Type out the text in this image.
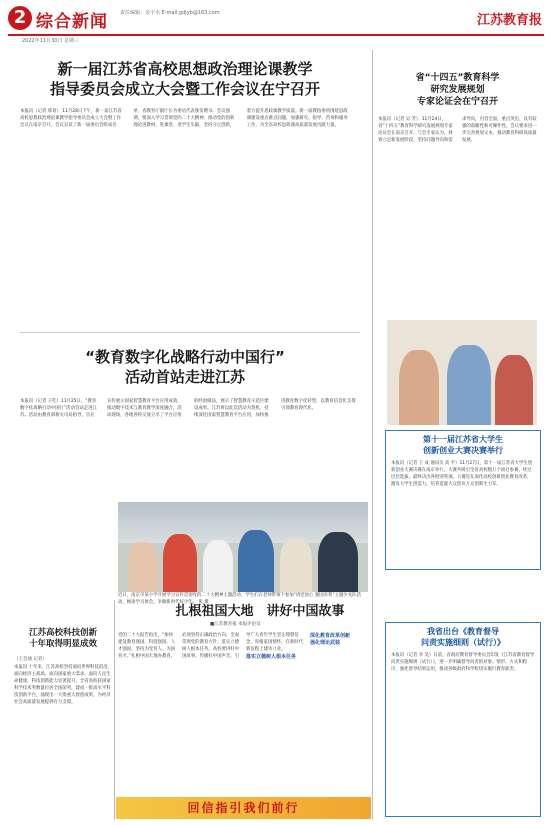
2 综合新闻 责任编辑：金字水 E-mail:gdjyb@163.com	江苏教育报
2022年11月30日 星期三
新一届江苏省高校思想政治理论课教学
指导委员会成立大会暨工作会议在宁召开
本报讯（记者 邢易） 11月28日下午，新一届江苏省高校思想政治理论课教学指导委员会成立大会暨工作会议在南京召开。会议宣读了新一届委员会组成名单，省教育厅副厅长为委员代表颁发聘书。会议强调，要深入学习贯彻党的二十大精神，推动党的创新理论进教材、进课堂、进学生头脑，坚持守正创新，着力提升思政课教学质量。新一届教指委将围绕思政课建设重点难点问题，加强研究、指导、咨询和服务工作，为全省高校思政课高质量发展贡献力量。
“教育数字化战略行动中国行”
活动首站走进江苏
本报讯（记者 王吃）11月25日，“教育数字化战略行动中国行”活动首站走进江苏。活动由教育部相关司局指导，旨在宣传展示国家智慧教育平台应用成效，推动数字技术与教育教学深度融合。活动现场，各地各校交流分享了平台应用的经验做法，展示了智慧教育示范区建设成果。江苏将以此次活动为契机，持续深化国家智慧教育平台应用，加快推进教育数字化转型，以教育信息化支撑引领教育现代化。
江苏高校科技创新
十年取得明显成效
（王会通 记者）
本报讯 十年来，江苏高校坚持面向世界科技前沿、面向经济主战场、面向国家重大需求、面向人民生命健康，科技创新能力显著提升。全省高校获国家科学技术奖数量位居全国前列，建成一批高水平科技创新平台，涌现出一大批重大原创成果，为经济社会高质量发展提供有力支撑。
近日，南京市某小学开展学习宣传贯彻党的二十大精神主题活动，学生们在老师带领下参加“请党放心 强国有我”主题少先队活动，畅谈学习体会，争做新时代好少年。 张 摄
扎根祖国大地　讲好中国故事
■江苏教育报 本报评论员
党的二十大报告指出，“加快建设教育强国、科技强国、人才强国，坚持为党育人、为国育才。”扎根中国大地办教育，必须坚持正确政治方向，全面贯彻党的教育方针，落实立德树人根本任务。高校要讲好中国故事，传播好中国声音，引导广大青年学生坚定理想信念，厚植家国情怀，在新时代新征程上建功立业。
落实立德树人根本任务
深化教育改革创新
强化理论武装
回信指引我们前行
省“十四五”教育科学
研究发展规划
专家论证会在宁召开
本报讯（记者 吴 芳） 11月24日，省“十四五”教育科学研究发展规划专家论证会在南京召开。与会专家认为，规划立足新发展阶段，坚持问题导向和需求导向，内容全面，重点突出，具有较强的前瞻性和可操作性。会议要求进一步完善规划文本，推动教育科研高质量发展。
第十一届江苏省大学生
创新创业大赛决赛举行
本报讯（记者 王 成 通讯员 高 平）11月27日，第十一届江苏省大学生创新创业大赛决赛在南京举行。大赛共吸引全省高校数万个项目参赛，经过层层选拔，最终决出各组别奖项。大赛旨在深化高校创新创业教育改革，激发大学生创造力，培养造就大众创业万众创新生力军。
我省出台《教育督导
问责实施细则（试行）》
本报讯（记者 李 昊）日前，省政府教育督导委员会印发《江苏省教育督导问责实施细则（试行）》，进一步明确督导问责的对象、情形、方式和程序，强化督导结果运用，推动各级政府和学校切实履行教育职责。
